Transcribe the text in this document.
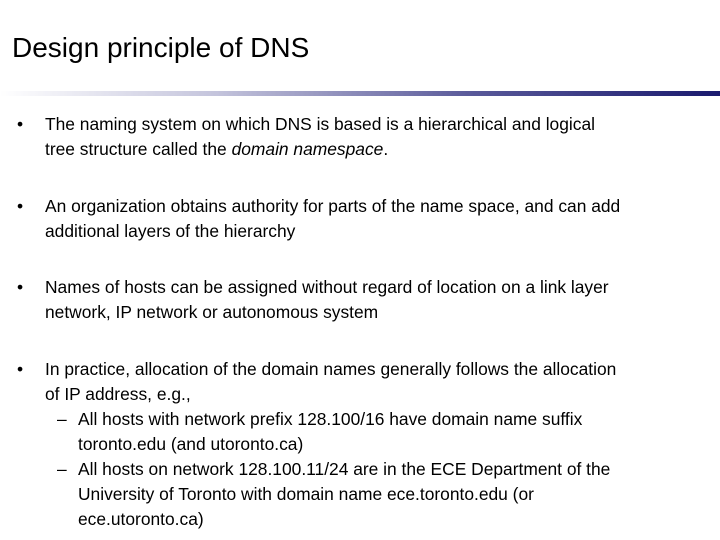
Design principle of DNS
• The naming system on which DNS is based is a hierarchical and logical
tree structure called the domain namespace.
• An organization obtains authority for parts of the name space, and can add
additional layers of the hierarchy
• Names of hosts can be assigned without regard of location on a link layer
network, IP network or autonomous system
• In practice, allocation of the domain names generally follows the allocation
of IP address, e.g.,
– All hosts with network prefix 128.100/16 have domain name suffix
toronto.edu (and utoronto.ca)
– All hosts on network 128.100.11/24 are in the ECE Department of the
University of Toronto with domain name ece.toronto.edu (or
ece.utoronto.ca)
